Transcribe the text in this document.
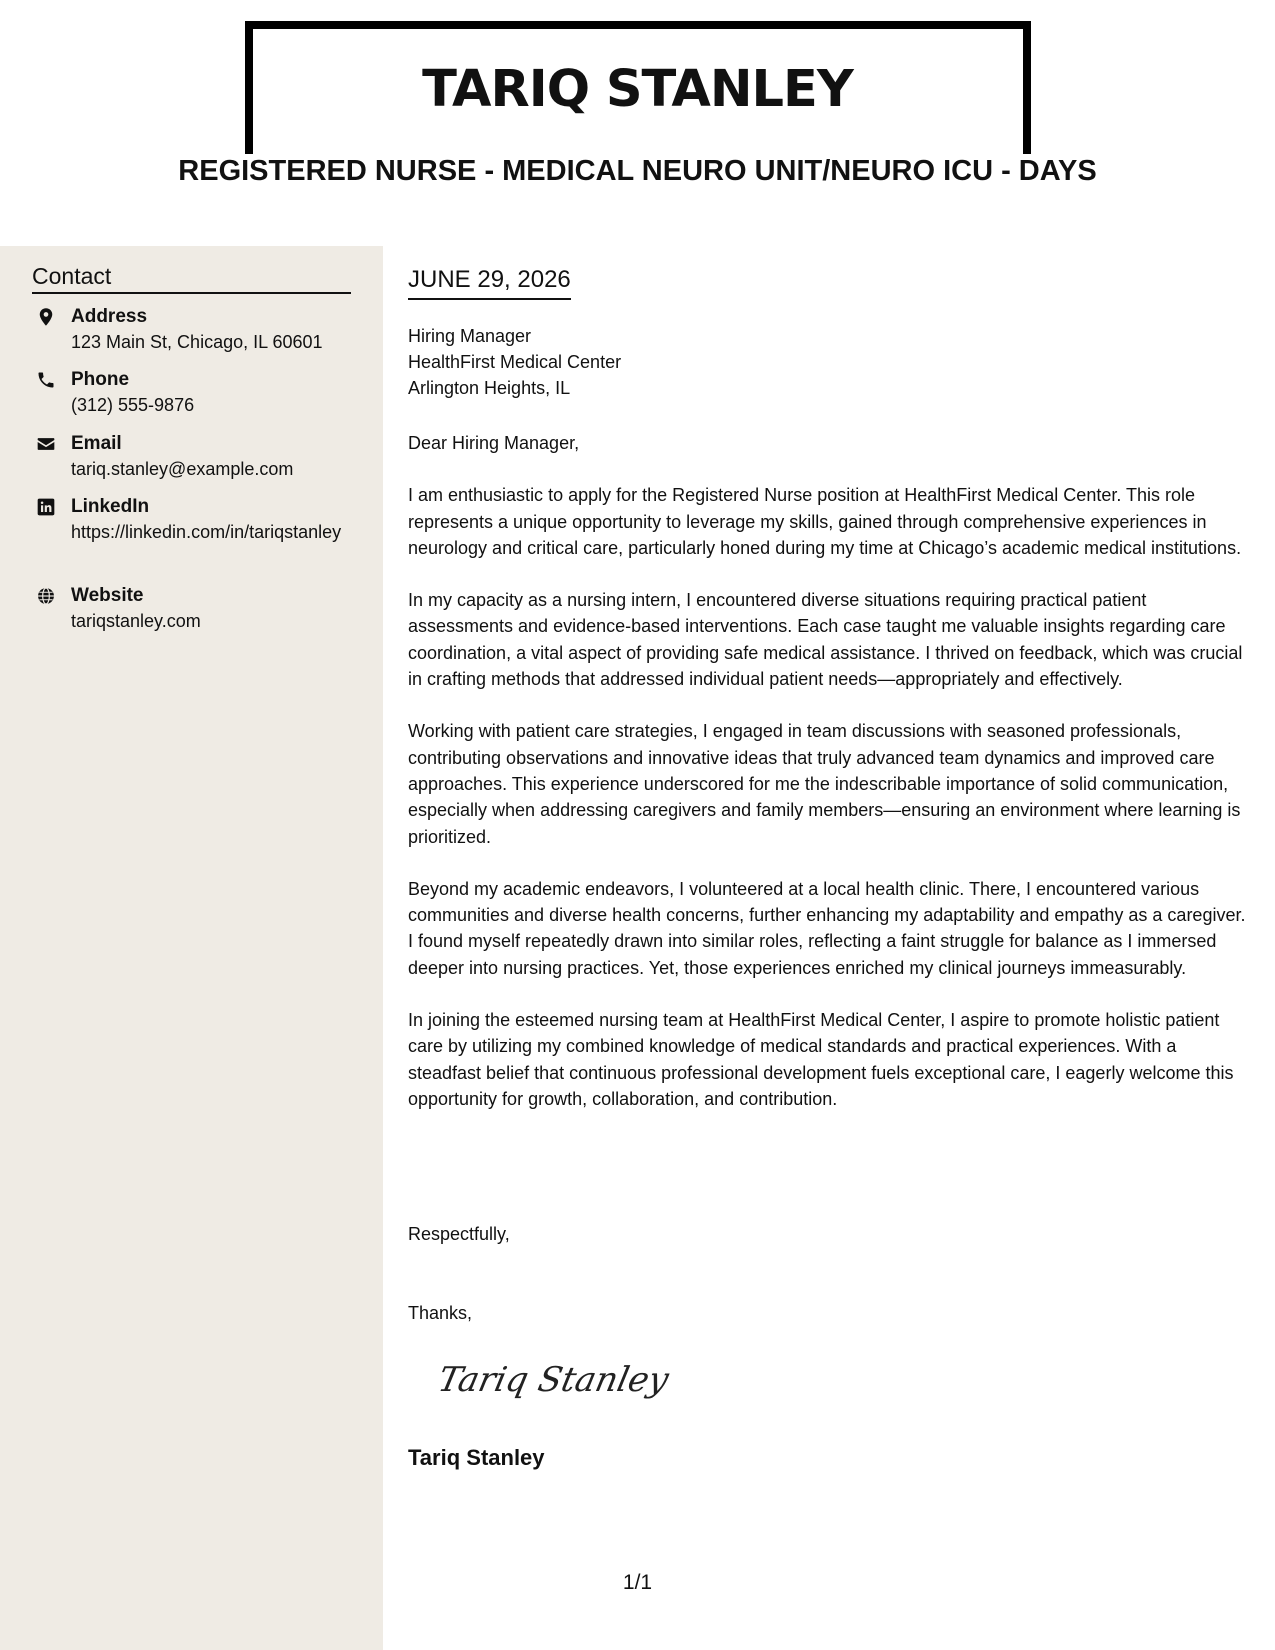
TARIQ STANLEY
REGISTERED NURSE - MEDICAL NEURO UNIT/NEURO ICU - DAYS
Contact
Address
123 Main St, Chicago, IL 60601
Phone
(312) 555-9876
Email
tariq.stanley@example.com
LinkedIn
https://linkedin.com/in/tariqstanley
Website
tariqstanley.com
JUNE 29, 2026
Hiring Manager
HealthFirst Medical Center
Arlington Heights, IL

Dear Hiring Manager,

I am enthusiastic to apply for the Registered Nurse position at HealthFirst Medical Center. This role represents a unique opportunity to leverage my skills, gained through comprehensive experiences in neurology and critical care, particularly honed during my time at Chicago’s academic medical institutions.

In my capacity as a nursing intern, I encountered diverse situations requiring practical patient assessments and evidence-based interventions. Each case taught me valuable insights regarding care coordination, a vital aspect of providing safe medical assistance. I thrived on feedback, which was crucial in crafting methods that addressed individual patient needs—appropriately and effectively.

Working with patient care strategies, I engaged in team discussions with seasoned professionals, contributing observations and innovative ideas that truly advanced team dynamics and improved care approaches. This experience underscored for me the indescribable importance of solid communication, especially when addressing caregivers and family members—ensuring an environment where learning is prioritized.

Beyond my academic endeavors, I volunteered at a local health clinic. There, I encountered various communities and diverse health concerns, further enhancing my adaptability and empathy as a caregiver. I found myself repeatedly drawn into similar roles, reflecting a faint struggle for balance as I immersed deeper into nursing practices. Yet, those experiences enriched my clinical journeys immeasurably.

In joining the esteemed nursing team at HealthFirst Medical Center, I aspire to promote holistic patient care by utilizing my combined knowledge of medical standards and practical experiences. With a steadfast belief that continuous professional development fuels exceptional care, I eagerly welcome this opportunity for growth, collaboration, and contribution.

Respectfully,
Thanks,
Tariq Stanley
Tariq Stanley
1/1
